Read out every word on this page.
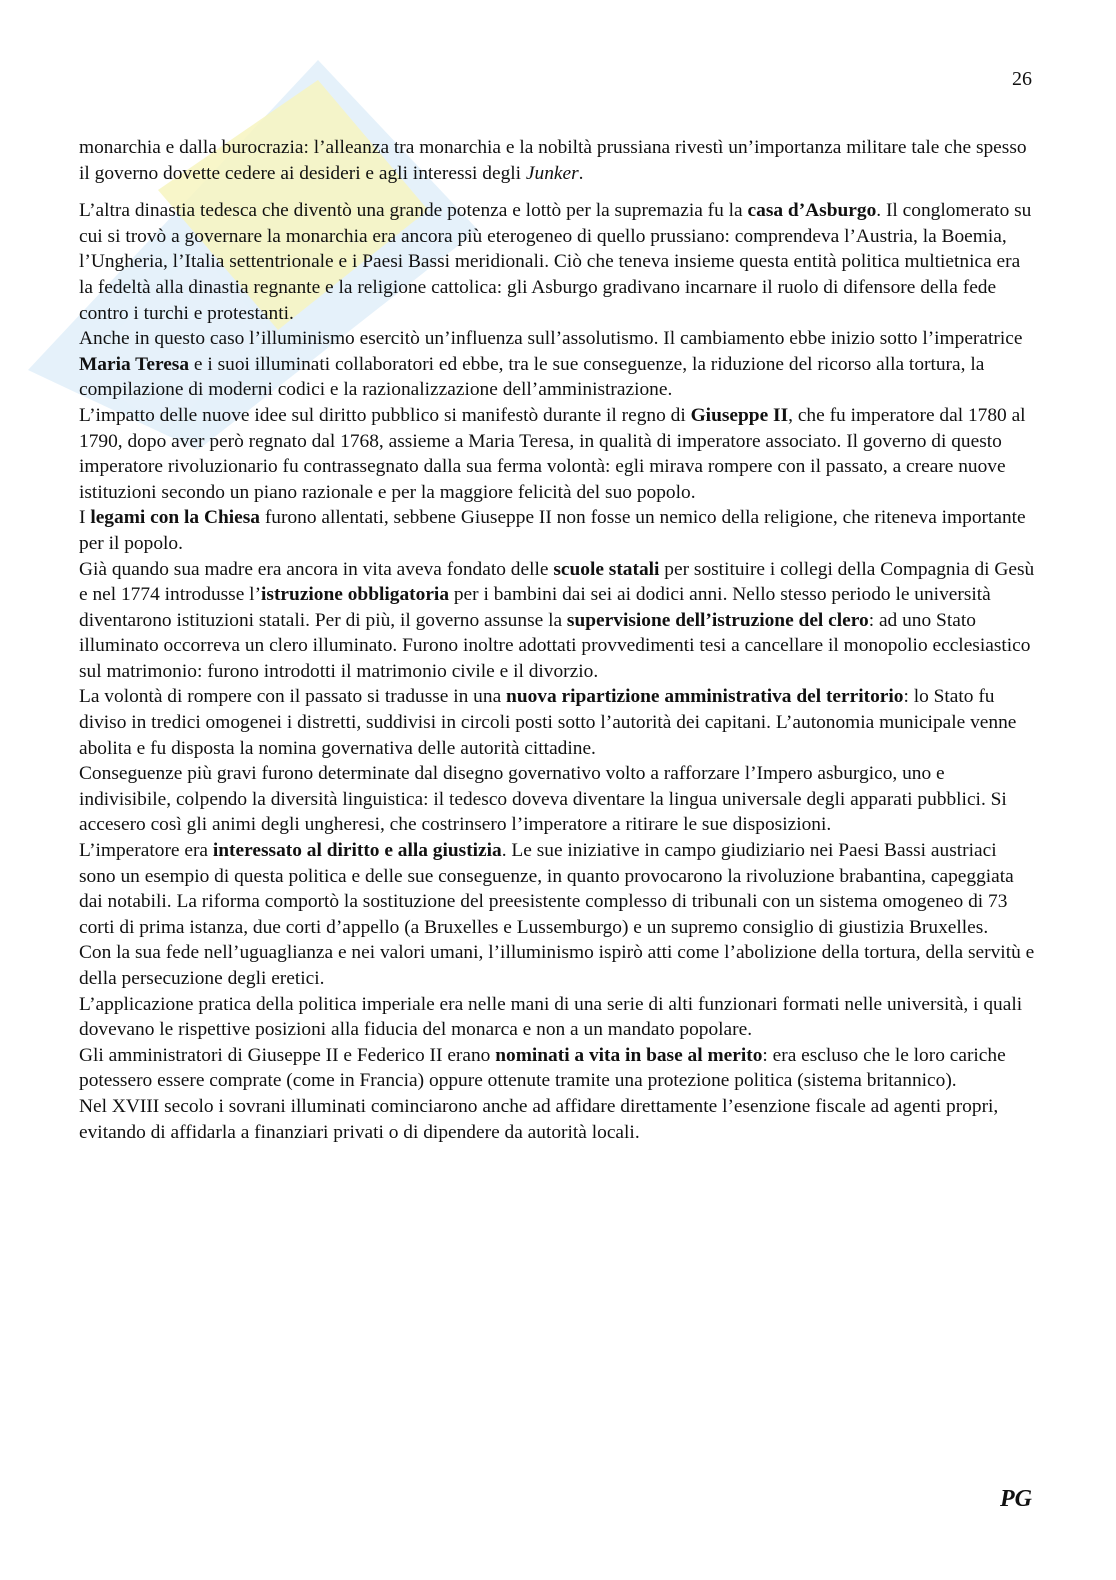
26

monarchia e dalla burocrazia: l’alleanza tra monarchia e la nobiltà prussiana rivestì un’importanza militare tale che spesso il governo dovette cedere ai desideri e agli interessi degli Junker.

L’altra dinastia tedesca che diventò una grande potenza e lottò per la supremazia fu la casa d’Asburgo. Il conglomerato su cui si trovò a governare la monarchia era ancora più eterogeneo di quello prussiano: comprendeva l’Austria, la Boemia, l’Ungheria, l’Italia settentrionale e i Paesi Bassi meridionali. Ciò che teneva insieme questa entità politica multietnica era la fedeltà alla dinastia regnante e la religione cattolica: gli Asburgo gradivano incarnare il ruolo di difensore della fede contro i turchi e protestanti.

Anche in questo caso l’illuminismo esercitò un’influenza sull’assolutismo. Il cambiamento ebbe inizio sotto l’imperatrice Maria Teresa e i suoi illuminati collaboratori ed ebbe, tra le sue conseguenze, la riduzione del ricorso alla tortura, la compilazione di moderni codici e la razionalizzazione dell’amministrazione.

L’impatto delle nuove idee sul diritto pubblico si manifestò durante il regno di Giuseppe II, che fu imperatore dal 1780 al 1790, dopo aver però regnato dal 1768, assieme a Maria Teresa, in qualità di imperatore associato. Il governo di questo imperatore rivoluzionario fu contrassegnato dalla sua ferma volontà: egli mirava rompere con il passato, a creare nuove istituzioni secondo un piano razionale e per la maggiore felicità del suo popolo.

I legami con la Chiesa furono allentati, sebbene Giuseppe II non fosse un nemico della religione, che riteneva importante per il popolo.

Già quando sua madre era ancora in vita aveva fondato delle scuole statali per sostituire i collegi della Compagnia di Gesù e nel 1774 introdusse l’istruzione obbligatoria per i bambini dai sei ai dodici anni. Nello stesso periodo le università diventarono istituzioni statali. Per di più, il governo assunse la supervisione dell’istruzione del clero: ad uno Stato illuminato occorreva un clero illuminato. Furono inoltre adottati provvedimenti tesi a cancellare il monopolio ecclesiastico sul matrimonio: furono introdotti il matrimonio civile e il divorzio.

La volontà di rompere con il passato si tradusse in una nuova ripartizione amministrativa del territorio: lo Stato fu diviso in tredici omogenei i distretti, suddivisi in circoli posti sotto l’autorità dei capitani. L’autonomia municipale venne abolita e fu disposta la nomina governativa delle autorità cittadine.

Conseguenze più gravi furono determinate dal disegno governativo volto a rafforzare l’Impero asburgico, uno e indivisibile, colpendo la diversità linguistica: il tedesco doveva diventare la lingua universale degli apparati pubblici. Si accesero così gli animi degli ungheresi, che costrinsero l’imperatore a ritirare le sue disposizioni.

L’imperatore era interessato al diritto e alla giustizia. Le sue iniziative in campo giudiziario nei Paesi Bassi austriaci sono un esempio di questa politica e delle sue conseguenze, in quanto provocarono la rivoluzione brabantina, capeggiata dai notabili. La riforma comportò la sostituzione del preesistente complesso di tribunali con un sistema omogeneo di 73 corti di prima istanza, due corti d’appello (a Bruxelles e Lussemburgo) e un supremo consiglio di giustizia Bruxelles.

Con la sua fede nell’uguaglianza e nei valori umani, l’illuminismo ispirò atti come l’abolizione della tortura, della servitù e della persecuzione degli eretici.

L’applicazione pratica della politica imperiale era nelle mani di una serie di alti funzionari formati nelle università, i quali dovevano le rispettive posizioni alla fiducia del monarca e non a un mandato popolare.

Gli amministratori di Giuseppe II e Federico II erano nominati a vita in base al merito: era escluso che le loro cariche potessero essere comprate (come in Francia) oppure ottenute tramite una protezione politica (sistema britannico).

Nel XVIII secolo i sovrani illuminati cominciarono anche ad affidare direttamente l’esenzione fiscale ad agenti propri, evitando di affidarla a finanziari privati o di dipendere da autorità locali.

PG
